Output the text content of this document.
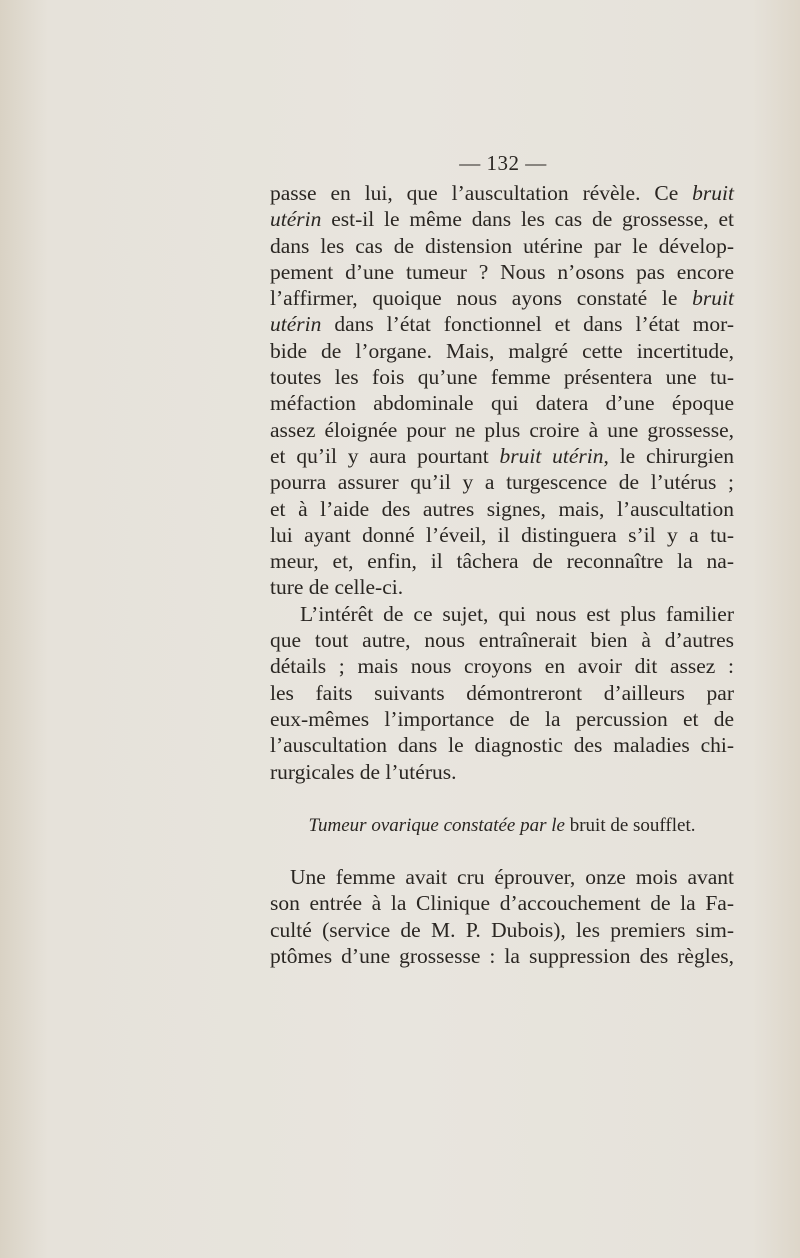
— 132 —
passe en lui, que l’auscultation révèle. Ce bruit
utérin est-il le même dans les cas de grossesse, et
dans les cas de distension utérine par le dévelop-
pement d’une tumeur ? Nous n’osons pas encore
l’affirmer, quoique nous ayons constaté le bruit
utérin dans l’état fonctionnel et dans l’état mor-
bide de l’organe. Mais, malgré cette incertitude,
toutes les fois qu’une femme présentera une tu-
méfaction abdominale qui datera d’une époque
assez éloignée pour ne plus croire à une grossesse,
et qu’il y aura pourtant bruit utérin, le chirurgien
pourra assurer qu’il y a turgescence de l’utérus ;
et à l’aide des autres signes, mais, l’auscultation
lui ayant donné l’éveil, il distinguera s’il y a tu-
meur, et, enfin, il tâchera de reconnaître la na-
ture de celle-ci.
L’intérêt de ce sujet, qui nous est plus familier
que tout autre, nous entraînerait bien à d’autres
détails ; mais nous croyons en avoir dit assez :
les faits suivants démontreront d’ailleurs par
eux-mêmes l’importance de la percussion et de
l’auscultation dans le diagnostic des maladies chi-
rurgicales de l’utérus.
Tumeur ovarique constatée par le bruit de soufflet.
Une femme avait cru éprouver, onze mois avant
son entrée à la Clinique d’accouchement de la Fa-
culté (service de M. P. Dubois), les premiers sim-
ptômes d’une grossesse : la suppression des règles,
